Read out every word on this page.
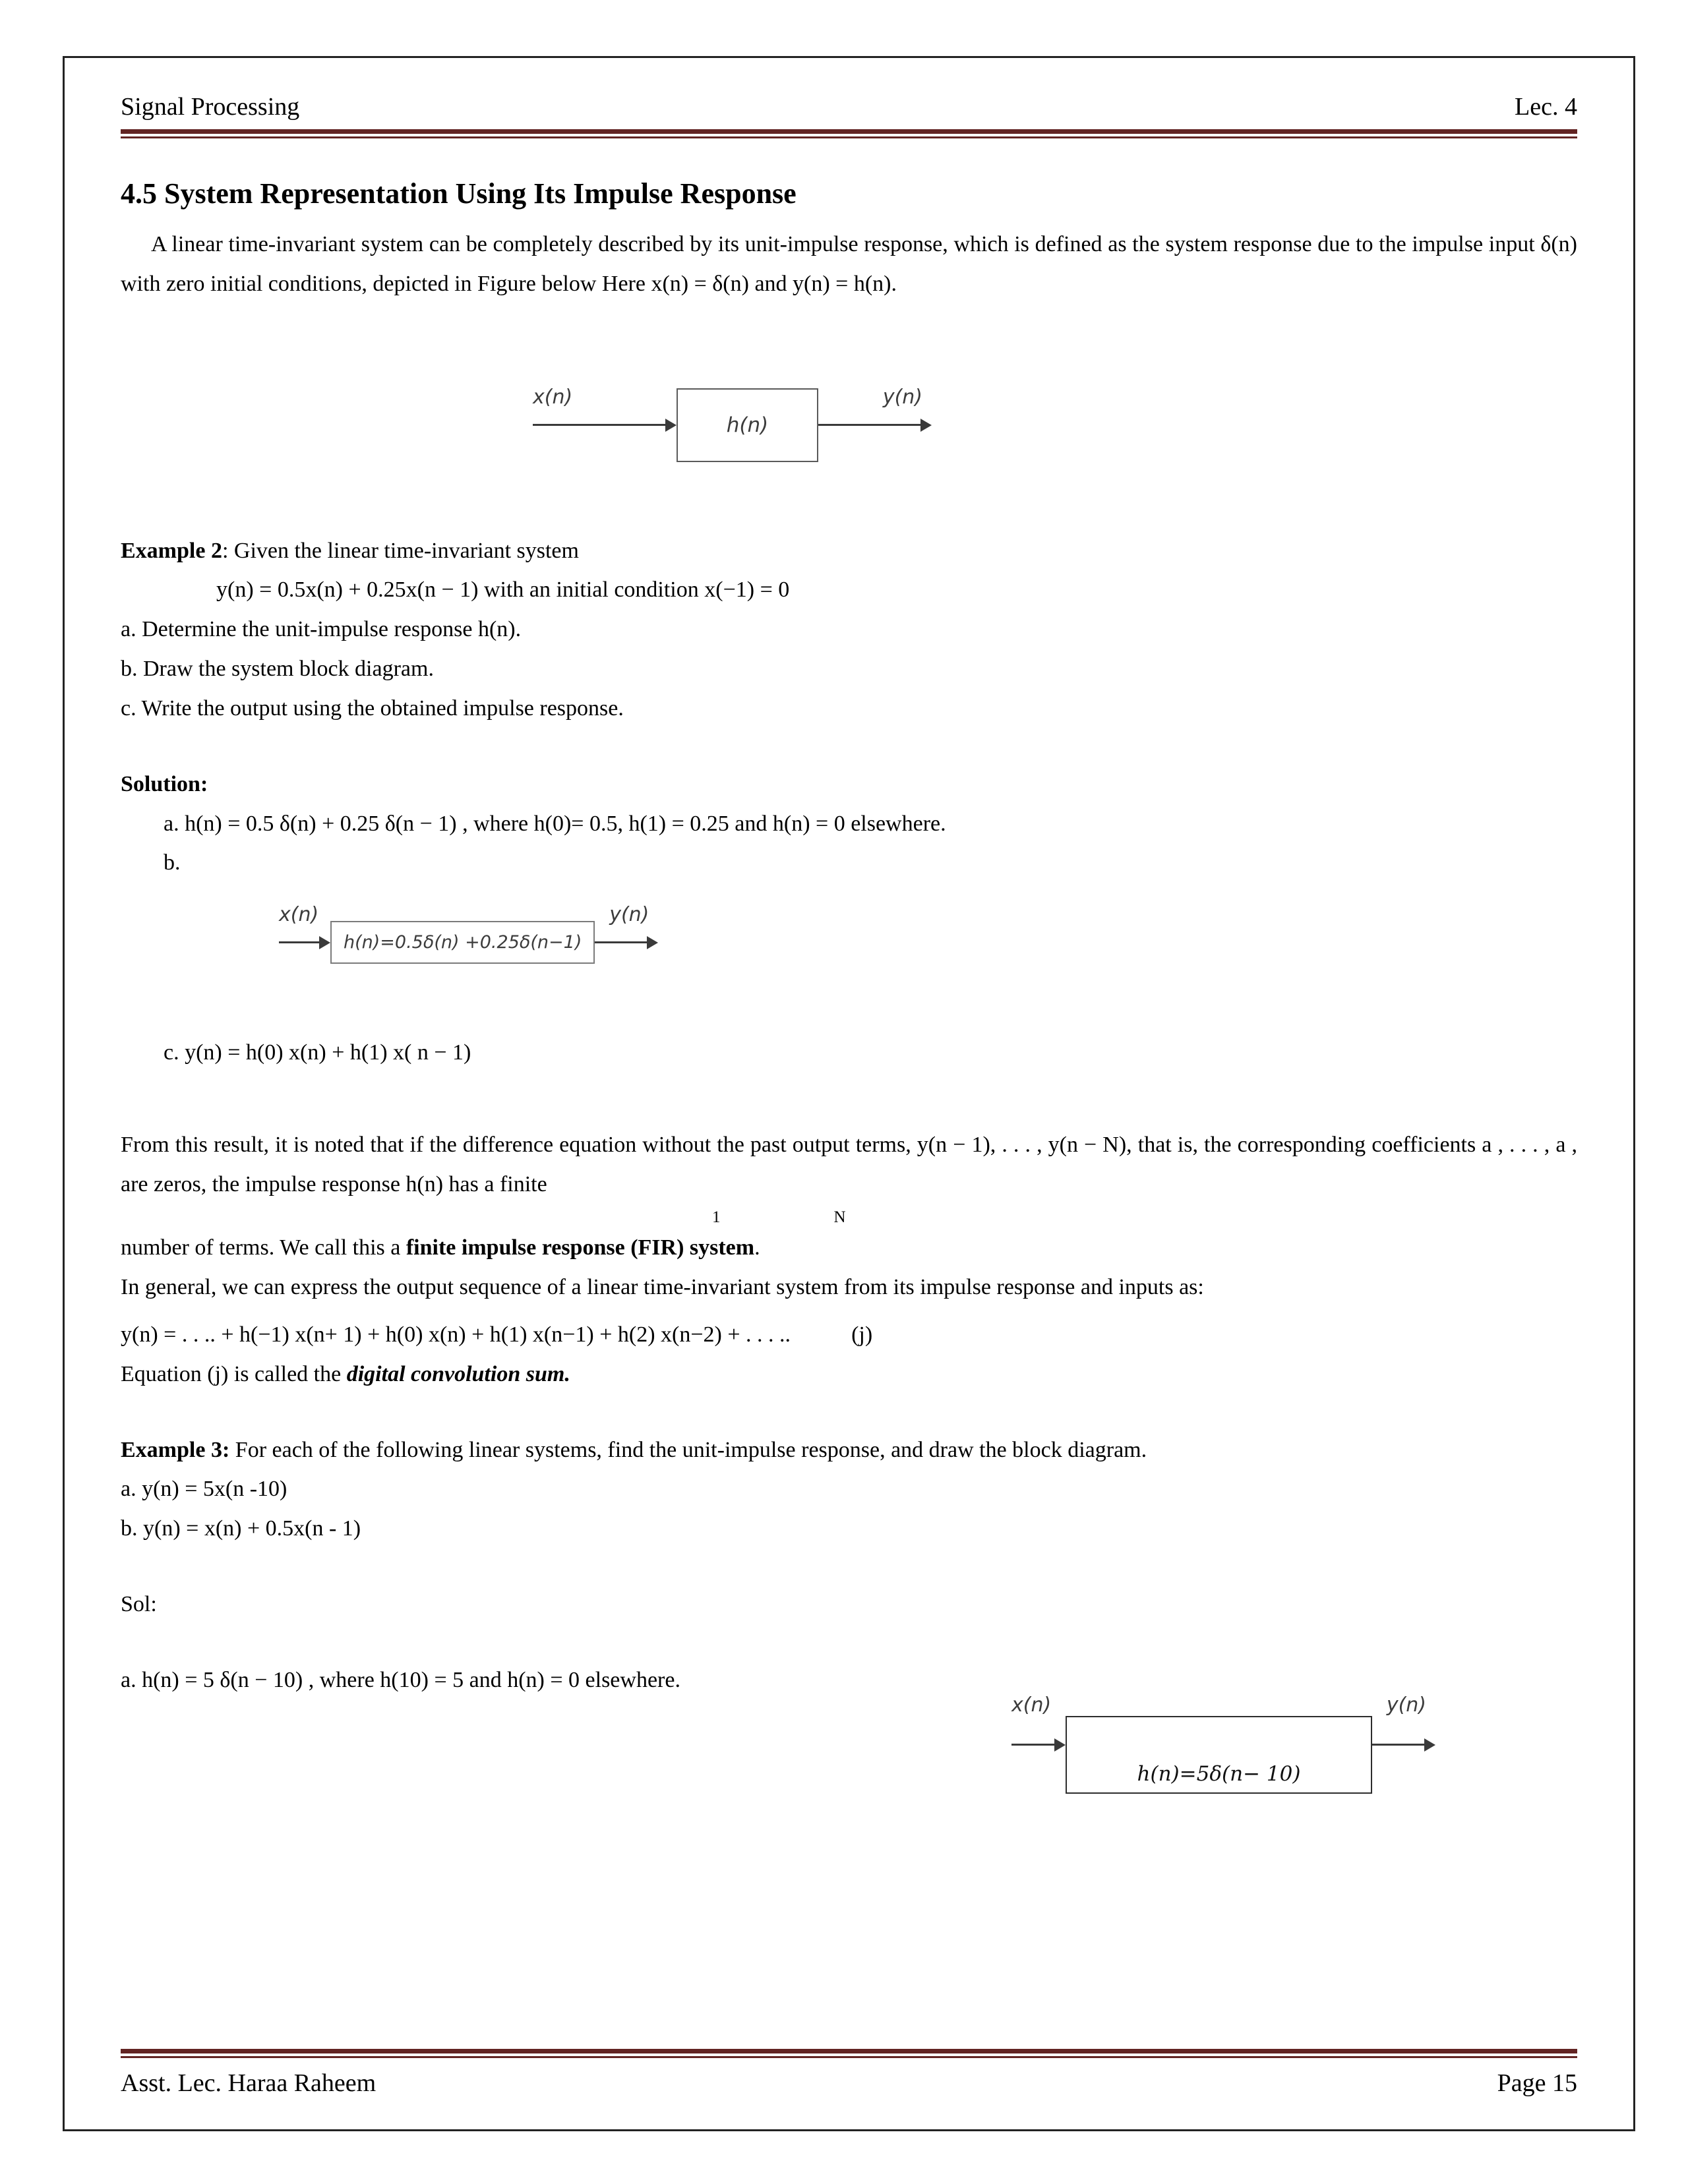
Signal Processing	Lec. 4
4.5 System Representation Using Its Impulse Response

A linear time-invariant system can be completely described by its unit-impulse response, which is defined as the system response due to the impulse input δ(n) with zero initial conditions, depicted in Figure below Here x(n) = δ(n) and y(n) = h(n).

x(n)
h(n)
y(n)

Example 2: Given the linear time-invariant system

y(n) = 0.5x(n) + 0.25x(n − 1) with an initial condition x(−1) = 0

a. Determine the unit-impulse response h(n).

b. Draw the system block diagram.

c. Write the output using the obtained impulse response.

Solution:

a. h(n) = 0.5 δ(n) + 0.25 δ(n − 1) , where h(0)= 0.5, h(1) = 0.25 and h(n) = 0 elsewhere.

b.

x(n)
h(n)=0.5δ(n) +0.25δ(n−1)
y(n)

c. y(n) = h(0) x(n) + h(1) x( n − 1)

From this result, it is noted that if the difference equation without the past output terms, y(n − 1), . . . , y(n − N), that is, the corresponding coefficients a , . . . , a , are zeros, the impulse response h(n) has a finite

1	N

number of terms. We call this a finite impulse response (FIR) system.

In general, we can express the output sequence of a linear time-invariant system from its impulse response and inputs as:

y(n) = . . .. + h(−1) x(n+ 1) + h(0) x(n) + h(1) x(n−1) + h(2) x(n−2) + . . . ..	(j)

Equation (j) is called the digital convolution sum.

Example 3: For each of the following linear systems, find the unit-impulse response, and draw the block diagram.

a. y(n) = 5x(n -10)

b. y(n) = x(n) + 0.5x(n - 1)

Sol:

a. h(n) = 5 δ(n − 10) , where h(10) = 5 and h(n) = 0 elsewhere.

x(n)
h(n)=5δ(n− 10)
y(n)
Asst. Lec. Haraa Raheem	Page 15
